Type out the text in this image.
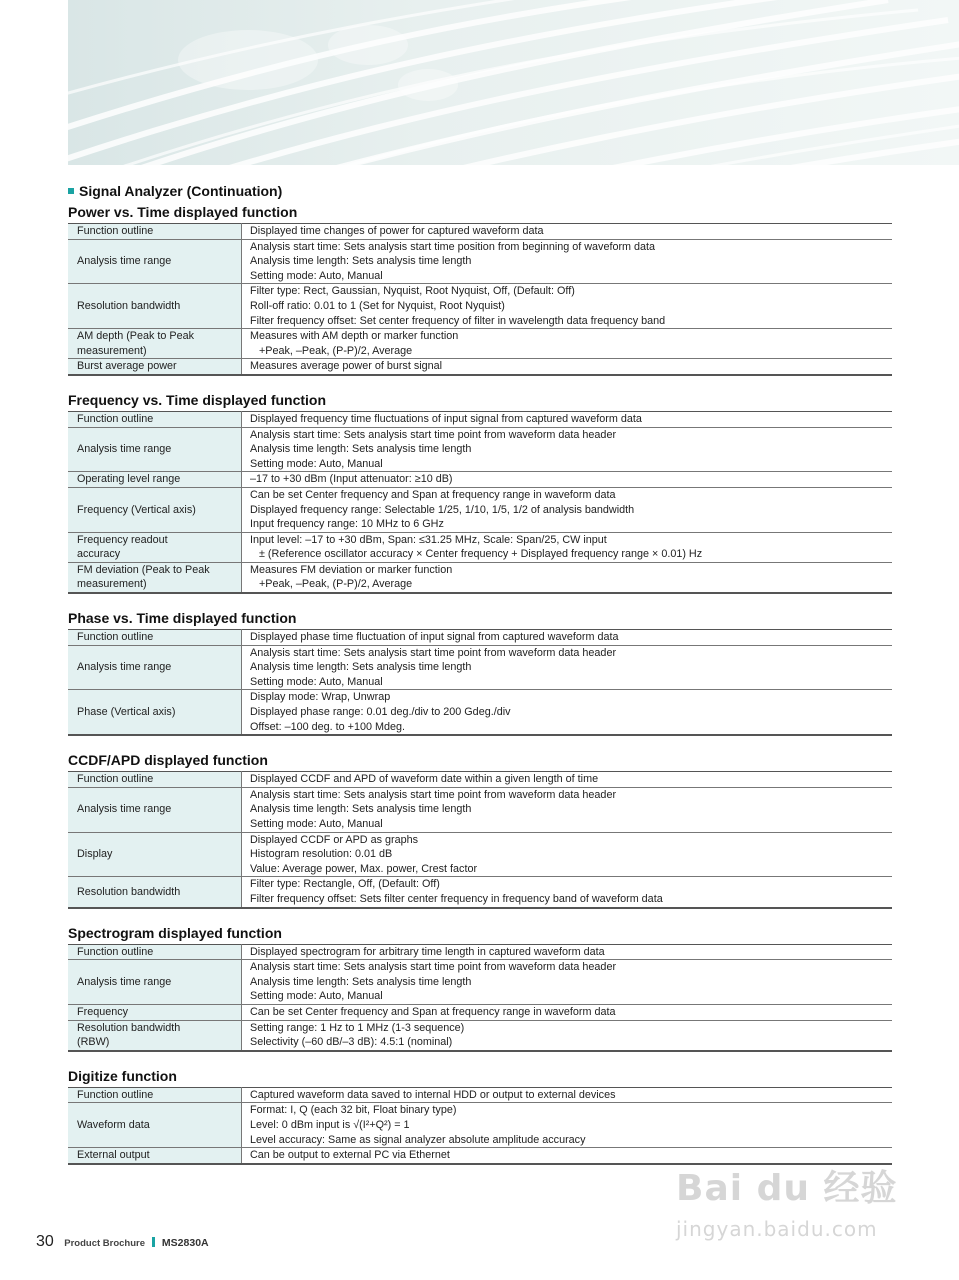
Signal Analyzer (Continuation)
Power vs. Time displayed function
Function outline	Displayed time changes of power for captured waveform data

Analysis time range	Analysis start time: Sets analysis start time position from beginning of waveform data
Analysis time length: Sets analysis time length
Setting mode: Auto, Manual

Resolution bandwidth	Filter type: Rect, Gaussian, Nyquist, Root Nyquist, Off, (Default: Off)
Roll-off ratio: 0.01 to 1 (Set for Nyquist, Root Nyquist)
Filter frequency offset: Set center frequency of filter in wavelength data frequency band

AM depth (Peak to Peak
measurement)	Measures with AM depth or marker function
+Peak, –Peak, (P-P)/2, Average

Burst average power	Measures average power of burst signal
Frequency vs. Time displayed function
Function outline	Displayed frequency time fluctuations of input signal from captured waveform data

Analysis time range	Analysis start time: Sets analysis start time point from waveform data header
Analysis time length: Sets analysis time length
Setting mode: Auto, Manual

Operating level range	–17 to +30 dBm (Input attenuator: ≥10 dB)

Frequency (Vertical axis)	Can be set Center frequency and Span at frequency range in waveform data
Displayed frequency range: Selectable 1/25, 1/10, 1/5, 1/2 of analysis bandwidth
Input frequency range: 10 MHz to 6 GHz

Frequency readout
accuracy	Input level: –17 to +30 dBm, Span: ≤31.25 MHz, Scale: Span/25, CW input
± (Reference oscillator accuracy × Center frequency + Displayed frequency range × 0.01) Hz

FM deviation (Peak to Peak
measurement)	Measures FM deviation or marker function
+Peak, –Peak, (P-P)/2, Average
Phase vs. Time displayed function
Function outline	Displayed phase time fluctuation of input signal from captured waveform data

Analysis time range	Analysis start time: Sets analysis start time point from waveform data header
Analysis time length: Sets analysis time length
Setting mode: Auto, Manual

Phase (Vertical axis)	Display mode: Wrap, Unwrap
Displayed phase range: 0.01 deg./div to 200 Gdeg./div
Offset: –100 deg. to +100 Mdeg.
CCDF/APD displayed function
Function outline	Displayed CCDF and APD of waveform date within a given length of time

Analysis time range	Analysis start time: Sets analysis start time point from waveform data header
Analysis time length: Sets analysis time length
Setting mode: Auto, Manual

Display	Displayed CCDF or APD as graphs
Histogram resolution: 0.01 dB
Value: Average power, Max. power, Crest factor

Resolution bandwidth	Filter type: Rectangle, Off, (Default: Off)
Filter frequency offset: Sets filter center frequency in frequency band of waveform data
Spectrogram displayed function
Function outline	Displayed spectrogram for arbitrary time length in captured waveform data

Analysis time range	Analysis start time: Sets analysis start time point from waveform data header
Analysis time length: Sets analysis time length
Setting mode: Auto, Manual

Frequency	Can be set Center frequency and Span at frequency range in waveform data

Resolution bandwidth
(RBW)	Setting range: 1 Hz to 1 MHz (1-3 sequence)
Selectivity (–60 dB/–3 dB): 4.5:1 (nominal)
Digitize function
Function outline	Captured waveform data saved to internal HDD or output to external devices

Waveform data	Format: I, Q (each 32 bit, Float binary type)
Level: 0 dBm input is √(I²+Q²) = 1
Level accuracy: Same as signal analyzer absolute amplitude accuracy

External output	Can be output to external PC via Ethernet
30 Product Brochure MS2830A
Bai du 经验
jingyan.baidu.com
